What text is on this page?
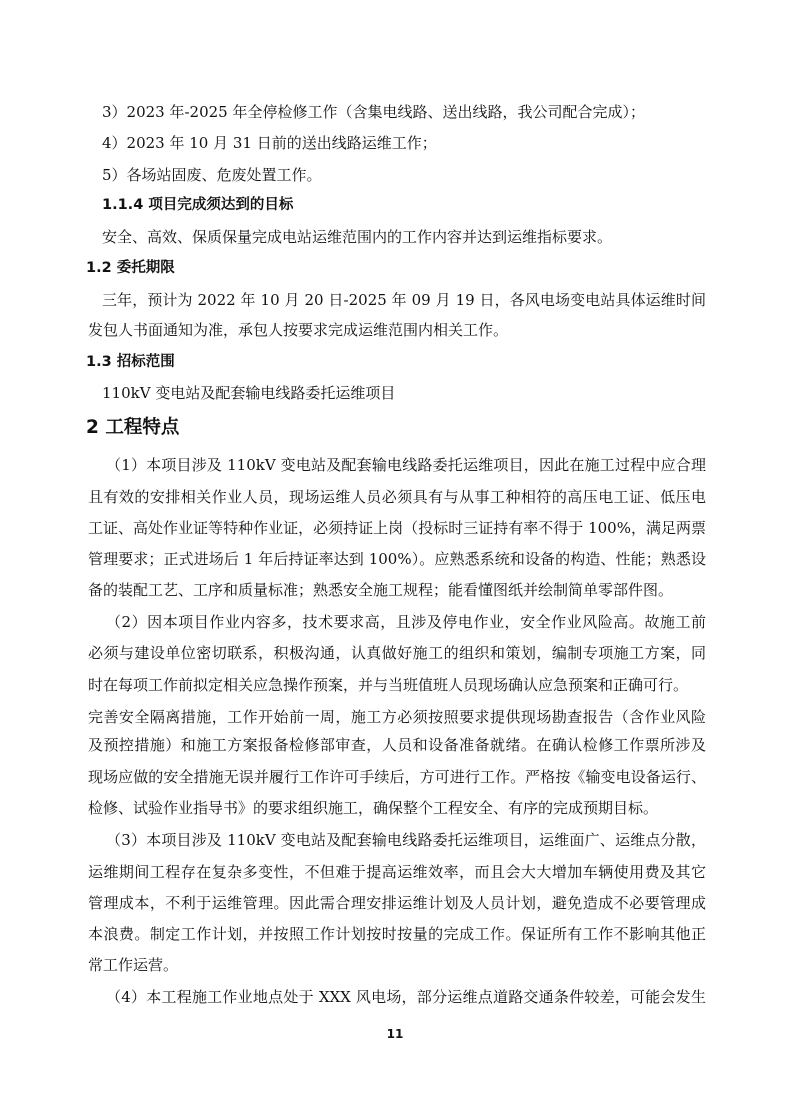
3）2023 年-2025 年全停检修工作（含集电线路、送出线路，我公司配合完成）；
4）2023 年 10 月 31 日前的送出线路运维工作；
5）各场站固废、危废处置工作。
1.1.4 项目完成须达到的目标
安全、高效、保质保量完成电站运维范围内的工作内容并达到运维指标要求。
1.2 委托期限
三年，预计为 2022 年 10 月 20 日-2025 年 09 月 19 日，各风电场变电站具体运维时间
发包人书面通知为准，承包人按要求完成运维范围内相关工作。
1.3 招标范围
110kV 变电站及配套输电线路委托运维项目
2 工程特点
（1）本项目涉及 110kV 变电站及配套输电线路委托运维项目，因此在施工过程中应合理
且有效的安排相关作业人员，现场运维人员必须具有与从事工种相符的高压电工证、低压电
工证、高处作业证等特种作业证，必须持证上岗（投标时三证持有率不得于 100%，满足两票
管理要求；正式进场后 1 年后持证率达到 100%）。应熟悉系统和设备的构造、性能；熟悉设
备的装配工艺、工序和质量标准；熟悉安全施工规程；能看懂图纸并绘制简单零部件图。
（2）因本项目作业内容多，技术要求高，且涉及停电作业，安全作业风险高。故施工前
必须与建设单位密切联系，积极沟通，认真做好施工的组织和策划，编制专项施工方案，同
时在每项工作前拟定相关应急操作预案，并与当班值班人员现场确认应急预案和正确可行。
完善安全隔离措施，工作开始前一周，施工方必须按照要求提供现场勘查报告（含作业风险
及预控措施）和施工方案报备检修部审查，人员和设备准备就绪。在确认检修工作票所涉及
现场应做的安全措施无误并履行工作许可手续后，方可进行工作。严格按《输变电设备运行、
检修、试验作业指导书》的要求组织施工，确保整个工程安全、有序的完成预期目标。
（3）本项目涉及 110kV 变电站及配套输电线路委托运维项目，运维面广、运维点分散，
运维期间工程存在复杂多变性，不但难于提高运维效率，而且会大大增加车辆使用费及其它
管理成本，不利于运维管理。因此需合理安排运维计划及人员计划，避免造成不必要管理成
本浪费。制定工作计划，并按照工作计划按时按量的完成工作。保证所有工作不影响其他正
常工作运营。
（4）本工程施工作业地点处于 XXX 风电场，部分运维点道路交通条件较差，可能会发生
11
